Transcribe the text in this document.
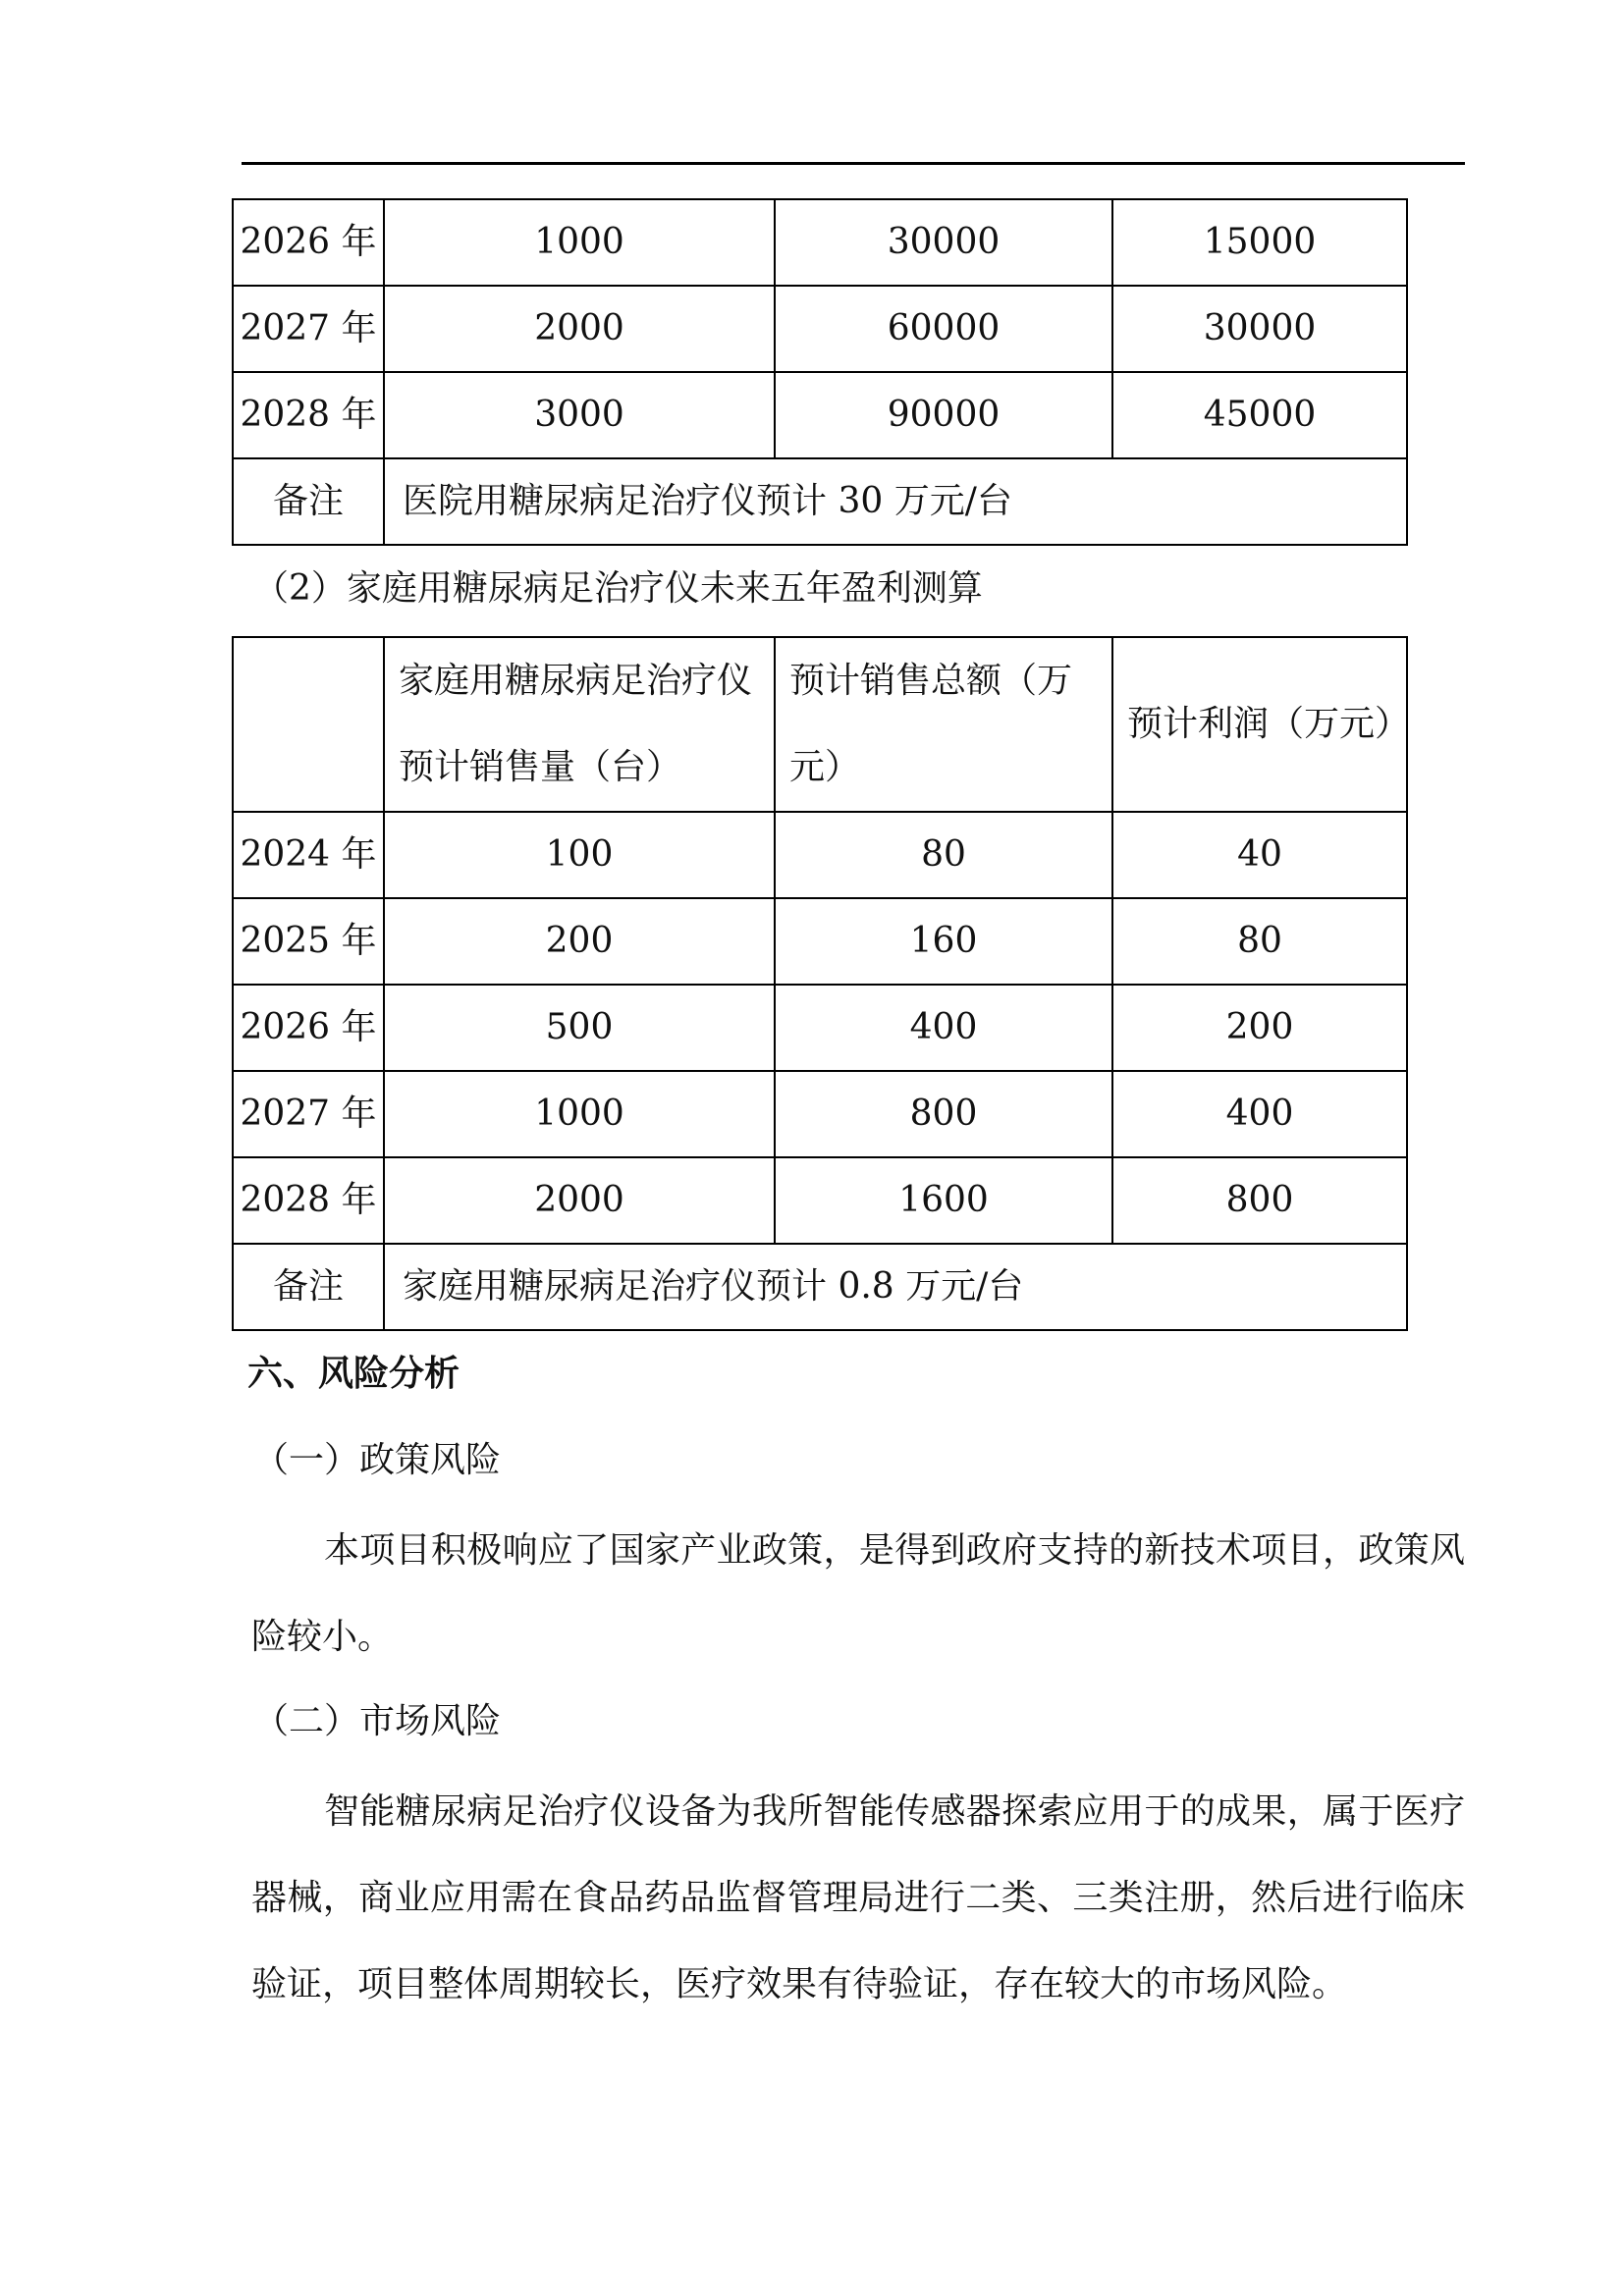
2026 年	1000	30000	15000
2027 年	2000	60000	30000
2028 年	3000	90000	45000
备注	医院用糖尿病足治疗仪预计 30 万元/台		
（2）家庭用糖尿病足治疗仪未来五年盈利测算
	家庭用糖尿病足治疗仪预计销售量（台）	预计销售总额（万元）	预计利润（万元）
2024 年	100	80	40
2025 年	200	160	80
2026 年	500	400	200
2027 年	1000	800	400
2028 年	2000	1600	800
备注	家庭用糖尿病足治疗仪预计 0.8 万元/台		
六、风险分析
（一）政策风险
本项目积极响应了国家产业政策，是得到政府支持的新技术项目，政策风险较小。
（二）市场风险
智能糖尿病足治疗仪设备为我所智能传感器探索应用于的成果，属于医疗器械，商业应用需在食品药品监督管理局进行二类、三类注册，然后进行临床验证，项目整体周期较长，医疗效果有待验证，存在较大的市场风险。
